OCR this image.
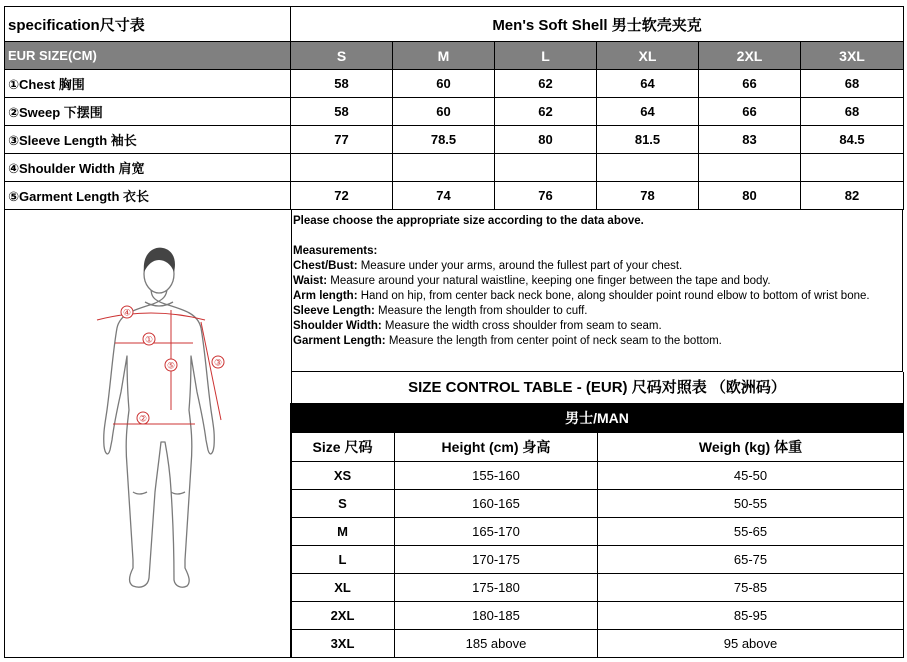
specification尺寸表	Men's Soft Shell 男士软壳夹克					
EUR SIZE(CM)	S	M	L	XL	2XL	3XL
①Chest 胸围	58	60	62	64	66	68
②Sweep 下摆围	58	60	62	64	66	68
③Sleeve Length 袖长	77	78.5	80	81.5	83	84.5
④Shoulder Width 肩宽						
⑤Garment Length 衣长	72	74	76	78	80	82
④
①
⑤
②
③

Please choose the appropriate size according to the data above.

Measurements:

Chest/Bust: Measure under your arms, around the fullest part of your chest.

Waist: Measure around your natural waistline, keeping one finger between the tape and body.

Arm length: Hand on hip, from center back neck bone, along shoulder point round elbow to bottom of wrist bone.

Sleeve Length: Measure the length from shoulder to cuff.

Shoulder Width: Measure the width cross shoulder from seam to seam.

Garment Length: Measure the length from center point of neck seam to the bottom.

SIZE CONTROL TABLE - (EUR) 尺码对照表 （欧洲码）
男士/MAN		
Size 尺码	Height (cm) 身高	Weigh (kg) 体重
XS	155-160	45-50
S	160-165	50-55
M	165-170	55-65
L	170-175	65-75
XL	175-180	75-85
2XL	180-185	85-95
3XL	185 above	95 above
